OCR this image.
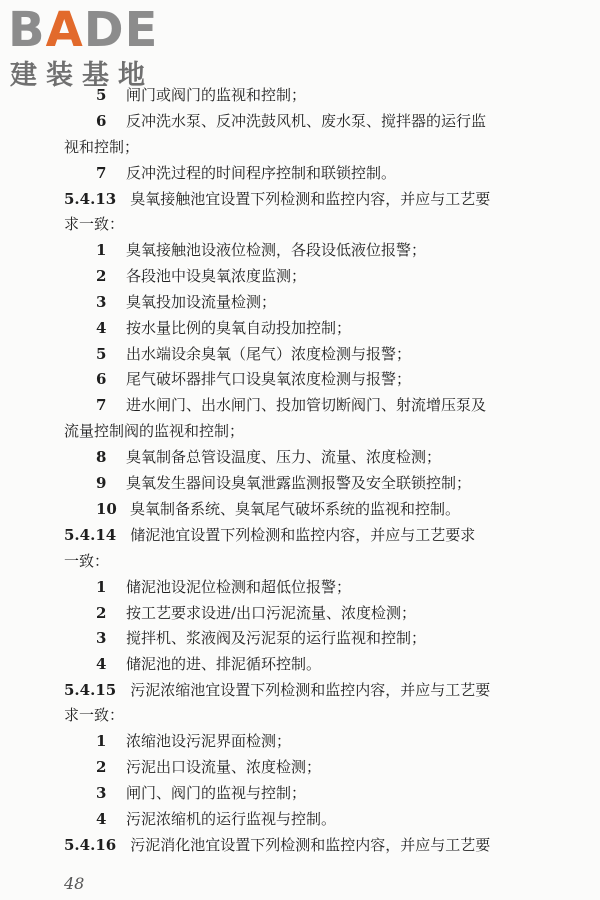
BADE
建装基地
5 闸门或阀门的监视和控制；
6 反冲洗水泵、反冲洗鼓风机、废水泵、搅拌器的运行监
视和控制；
7 反冲洗过程的时间程序控制和联锁控制。
5.4.13 臭氧接触池宜设置下列检测和监控内容，并应与工艺要
求一致：
1 臭氧接触池设液位检测，各段设低液位报警；
2 各段池中设臭氧浓度监测；
3 臭氧投加设流量检测；
4 按水量比例的臭氧自动投加控制；
5 出水端设余臭氧（尾气）浓度检测与报警；
6 尾气破坏器排气口设臭氧浓度检测与报警；
7 进水闸门、出水闸门、投加管切断阀门、射流增压泵及
流量控制阀的监视和控制；
8 臭氧制备总管设温度、压力、流量、浓度检测；
9 臭氧发生器间设臭氧泄露监测报警及安全联锁控制；
10 臭氧制备系统、臭氧尾气破坏系统的监视和控制。
5.4.14 储泥池宜设置下列检测和监控内容，并应与工艺要求
一致：
1 储泥池设泥位检测和超低位报警；
2 按工艺要求设进/出口污泥流量、浓度检测；
3 搅拌机、浆液阀及污泥泵的运行监视和控制；
4 储泥池的进、排泥循环控制。
5.4.15 污泥浓缩池宜设置下列检测和监控内容，并应与工艺要
求一致：
1 浓缩池设污泥界面检测；
2 污泥出口设流量、浓度检测；
3 闸门、阀门的监视与控制；
4 污泥浓缩机的运行监视与控制。
5.4.16 污泥消化池宜设置下列检测和监控内容，并应与工艺要
48
